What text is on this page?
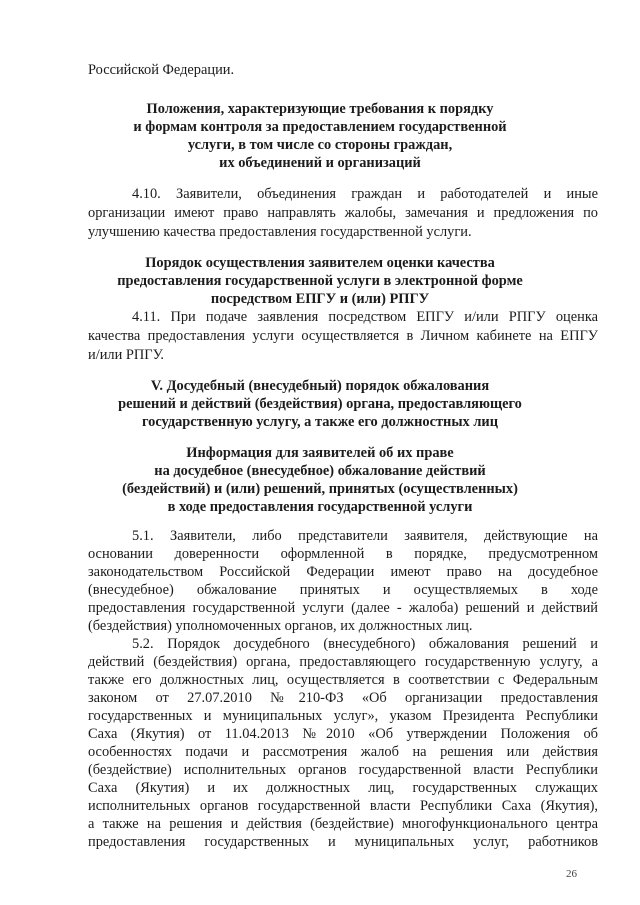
Российской Федерации.
Положения, характеризующие требования к порядку
и формам контроля за предоставлением государственной
услуги, в том числе со стороны граждан,
их объединений и организаций
4.10. Заявители, объединения граждан и работодателей и иные
организации имеют право направлять жалобы, замечания и предложения по
улучшению качества предоставления государственной услуги.
Порядок осуществления заявителем оценки качества
предоставления государственной услуги в электронной форме
посредством ЕПГУ и (или) РПГУ
4.11. При подаче заявления посредством ЕПГУ и/или РПГУ оценка
качества предоставления услуги осуществляется в Личном кабинете на ЕПГУ
и/или РПГУ.
V. Досудебный (внесудебный) порядок обжалования
решений и действий (бездействия) органа, предоставляющего
государственную услугу, а также его должностных лиц
Информация для заявителей об их праве
на досудебное (внесудебное) обжалование действий
(бездействий) и (или) решений, принятых (осуществленных)
в ходе предоставления государственной услуги
5.1. Заявители, либо представители заявителя, действующие на
основании доверенности оформленной в порядке, предусмотренном
законодательством Российской Федерации имеют право на досудебное
(внесудебное) обжалование принятых и осуществляемых в ходе
предоставления государственной услуги (далее - жалоба) решений и действий
(бездействия) уполномоченных органов, их должностных лиц.
5.2. Порядок досудебного (внесудебного) обжалования решений и
действий (бездействия) органа, предоставляющего государственную услугу, а
также его должностных лиц, осуществляется в соответствии с Федеральным
законом от 27.07.2010 №210-ФЗ «Об организации предоставления
государственных и муниципальных услуг», указом Президента Республики
Саха (Якутия) от 11.04.2013 №2010 «Об утверждении Положения об
особенностях подачи и рассмотрения жалоб на решения или действия
(бездействие) исполнительных органов государственной власти Республики
Саха (Якутия) и их должностных лиц, государственных служащих
исполнительных органов государственной власти Республики Саха (Якутия),
а также на решения и действия (бездействие) многофункционального центра
предоставления государственных и муниципальных услуг, работников
26
